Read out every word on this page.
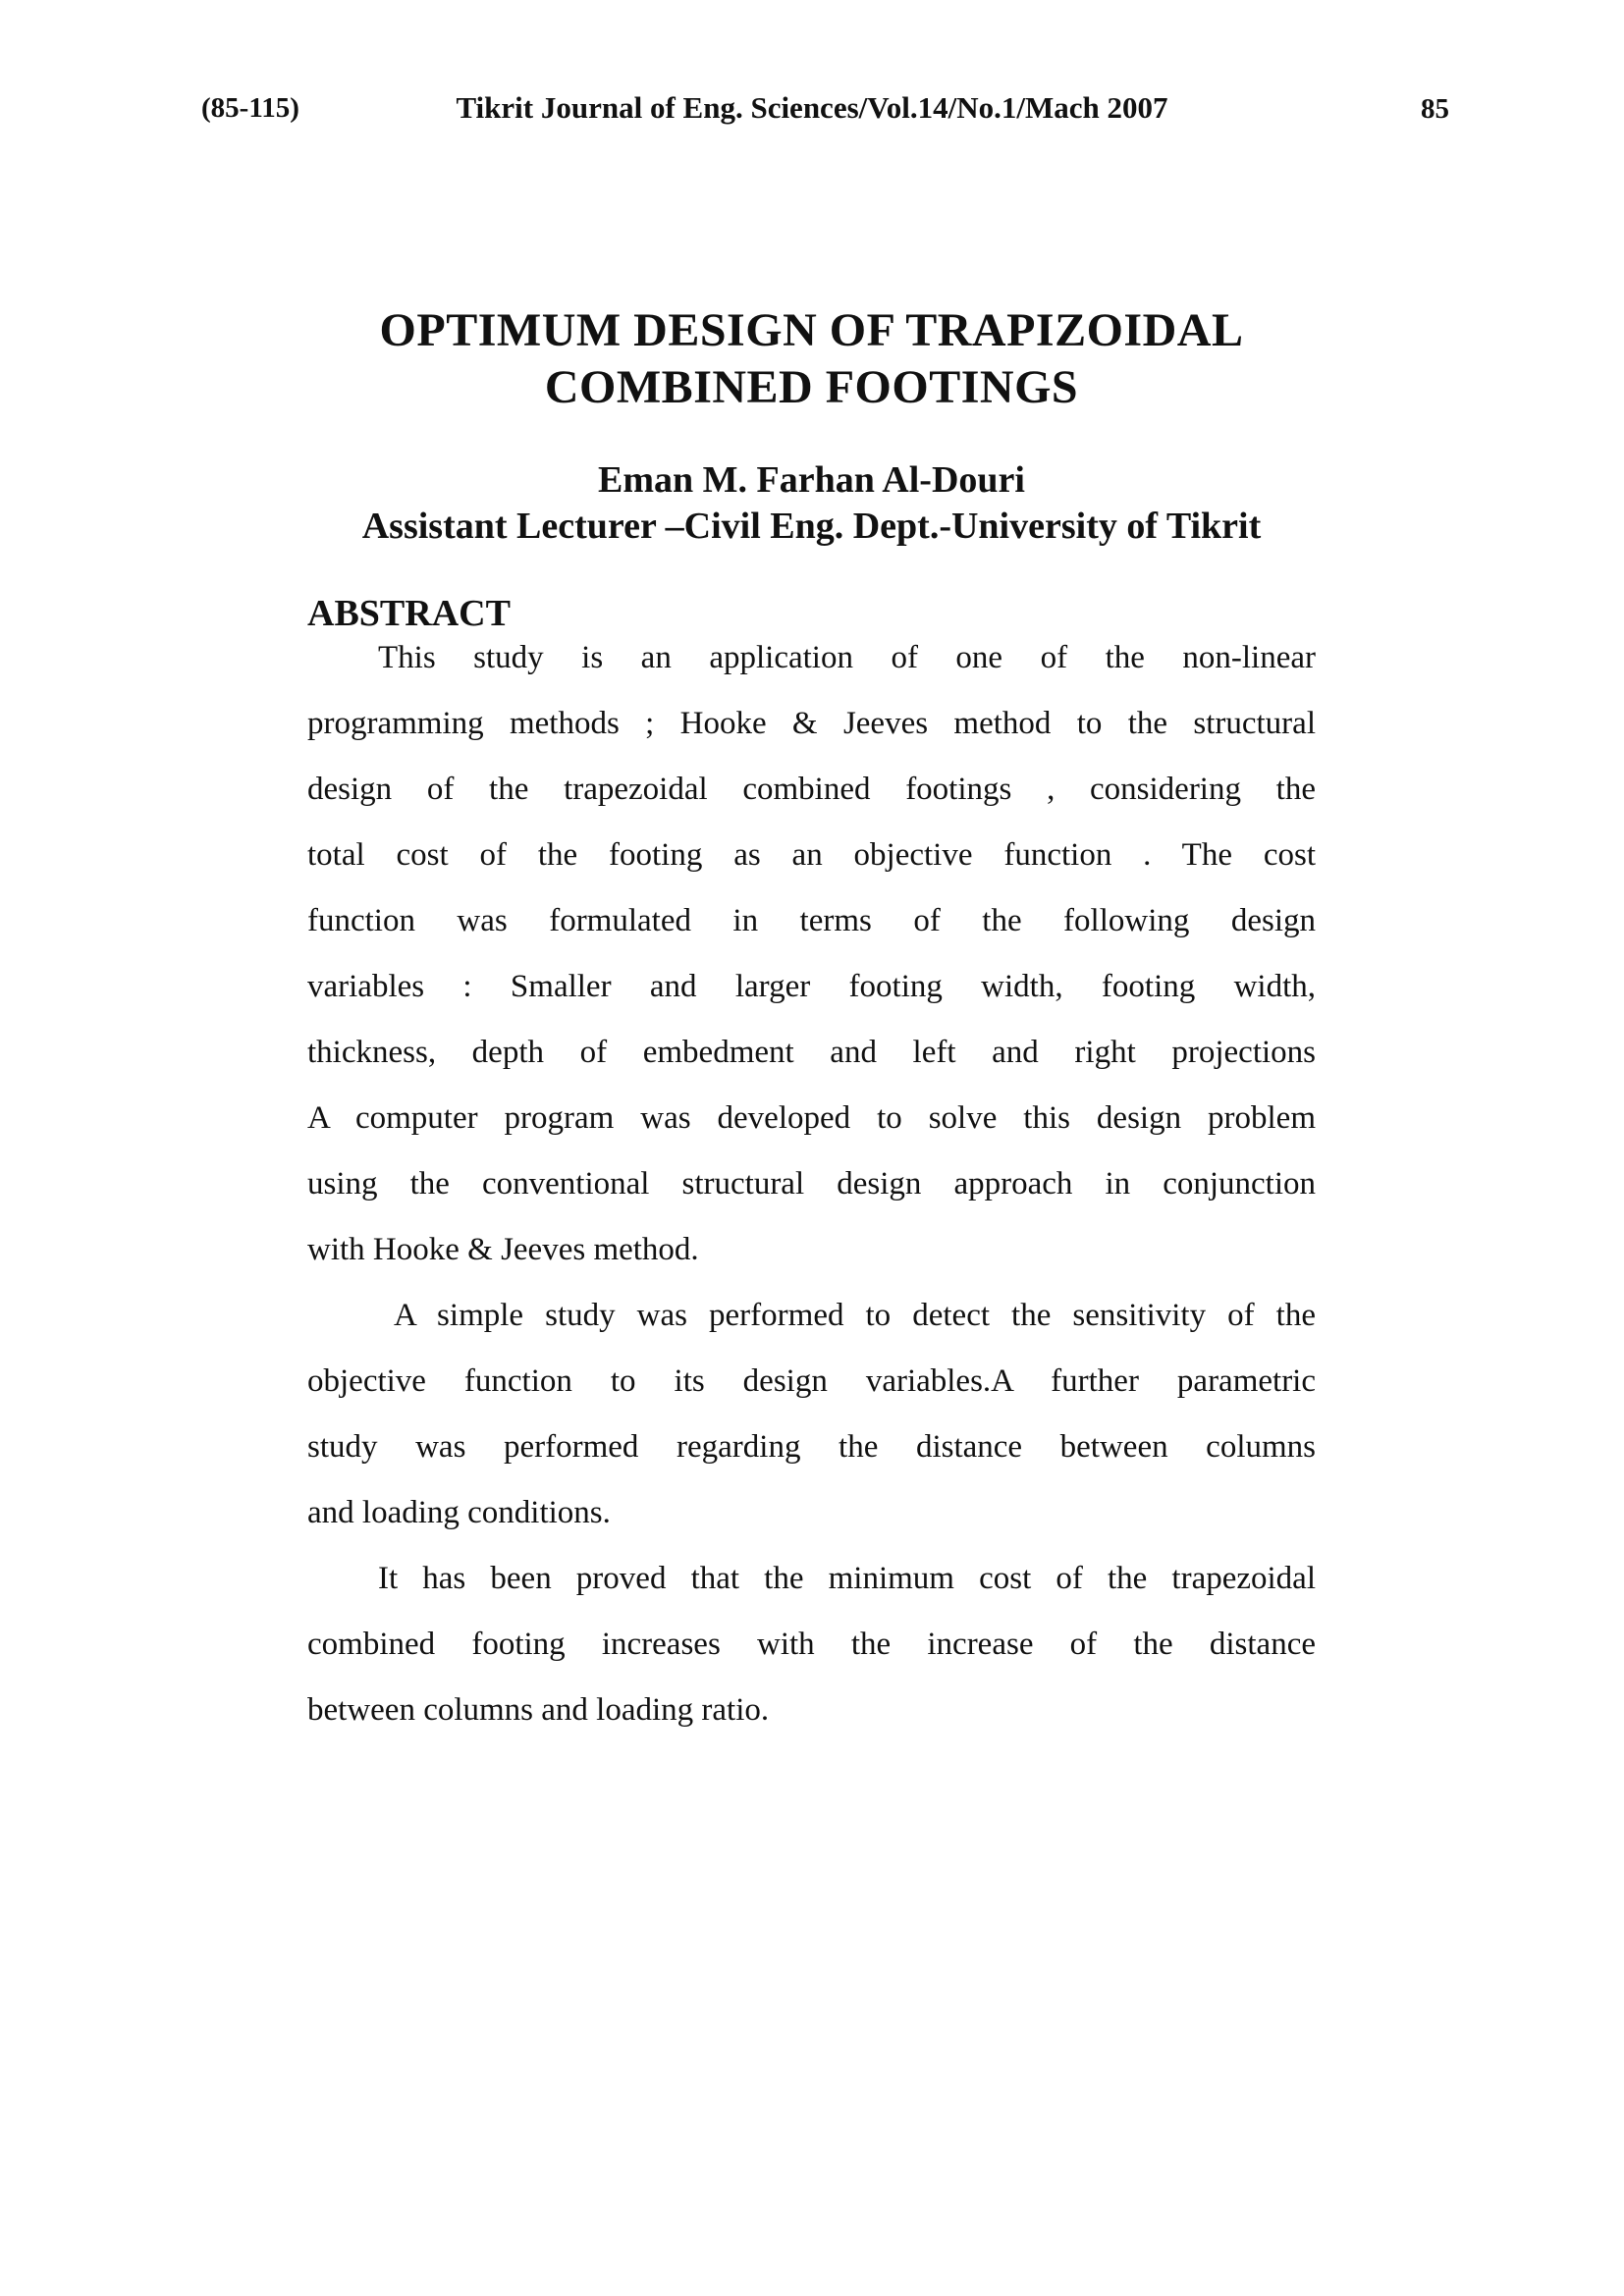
(85-115)	Tikrit Journal of Eng. Sciences/Vol.14/No.1/Mach 2007	85
OPTIMUM DESIGN OF TRAPIZOIDAL
COMBINED FOOTINGS
Eman M. Farhan Al-Douri
Assistant Lecturer –Civil Eng. Dept.-University of Tikrit
ABSTRACT
This study is an application of one of the non-linear
programming methods ; Hooke & Jeeves method to the structural
design of the trapezoidal combined footings , considering the
total cost of the footing as an objective function . The cost
function was formulated in terms of the following design
variables : Smaller and larger footing width, footing width,
thickness, depth of embedment and left and right projections
A computer program was developed to solve this design problem
using the conventional structural design approach in conjunction
with Hooke & Jeeves method.
A simple study was performed to detect the sensitivity of the
objective function to its design variables.A further parametric
study was performed regarding the distance between columns
and loading conditions.
It has been proved that the minimum cost of the trapezoidal
combined footing increases with the increase of the distance
between columns and loading ratio.
